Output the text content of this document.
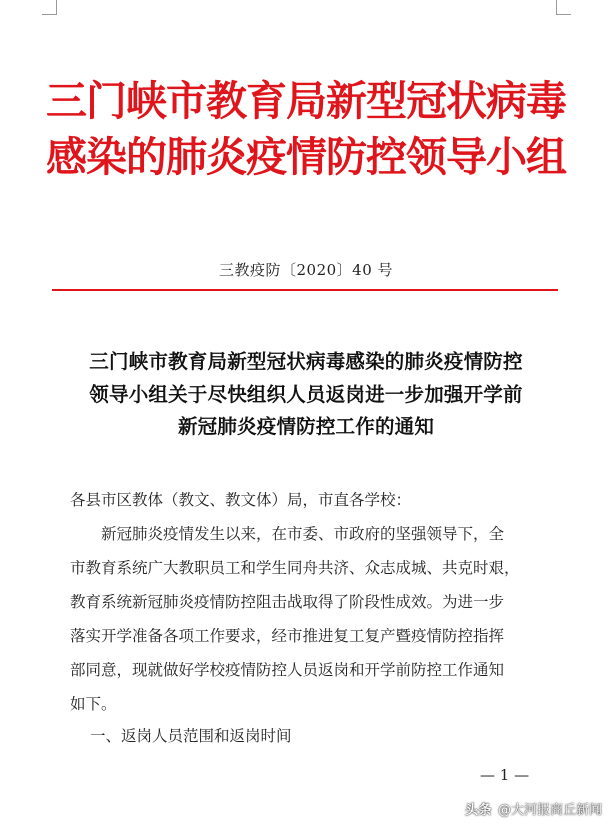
三门峡市教育局新型冠状病毒
感染的肺炎疫情防控领导小组
三教疫防〔2020〕40 号
三门峡市教育局新型冠状病毒感染的肺炎疫情防控
领导小组关于尽快组织人员返岗进一步加强开学前
新冠肺炎疫情防控工作的通知
各县市区教体（教文、教文体）局，市直各学校：
　　新冠肺炎疫情发生以来，在市委、市政府的坚强领导下，全
市教育系统广大教职员工和学生同舟共济、众志成城、共克时艰，
教育系统新冠肺炎疫情防控阻击战取得了阶段性成效。为进一步
落实开学准备各项工作要求，经市推进复工复产暨疫情防控指挥
部同意，现就做好学校疫情防控人员返岗和开学前防控工作通知
如下。
一、返岗人员范围和返岗时间
— 1 —
头条 @大河报商丘新闻
